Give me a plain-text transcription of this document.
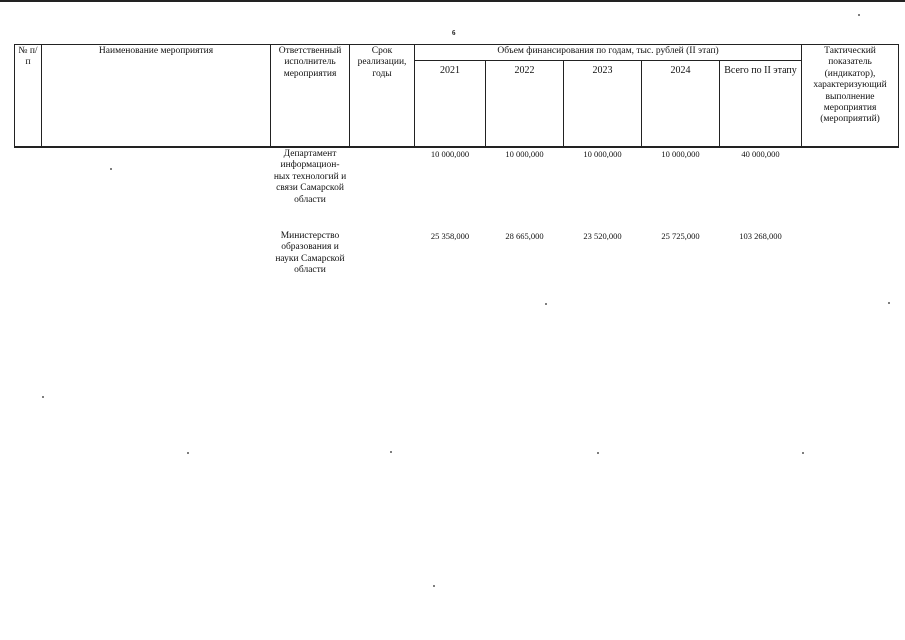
6
№ п/п	Наименование мероприятия	Ответственный исполнитель мероприятия	Срок реализации, годы	Объем финансирования по годам, тыс. рублей (II этап)					Тактический показатель (индикатор), характеризующий выполнение мероприятия (мероприятий)
				2021	2022	2023	2024	Всего по II этапу	
		Департамент информацион- ных технологий и связи Самарской области		10 000,000	10 000,000	10 000,000	10 000,000	40 000,000	
		Министерство образования и науки Самарской области		25 358,000	28 665,000	23 520,000	25 725,000	103 268,000	
